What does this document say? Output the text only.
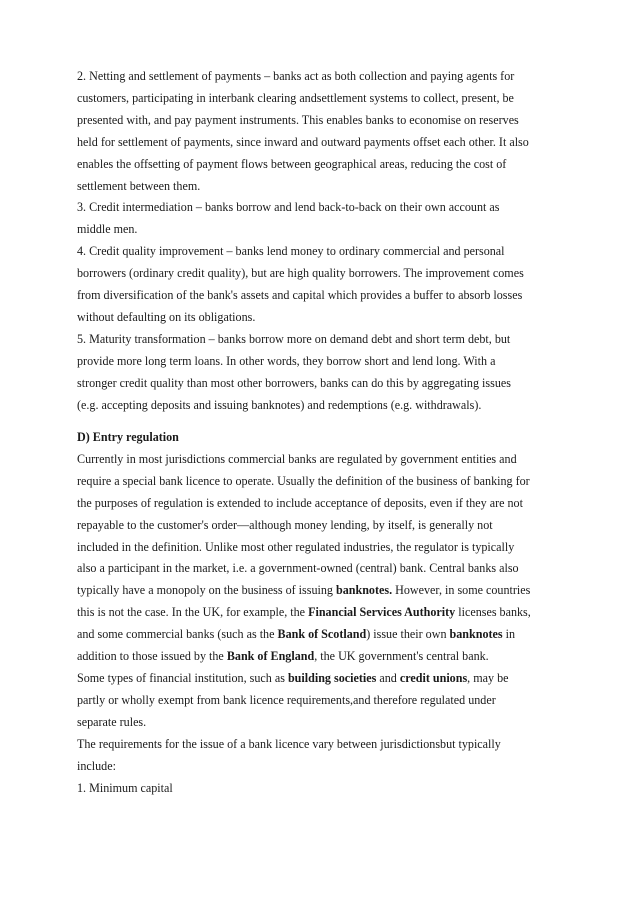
2. Netting and settlement of payments – banks act as both collection and paying agents for
customers, participating in interbank clearing andsettlement systems to collect, present, be
presented with, and pay payment instruments. This enables banks to economise on reserves
held for settlement of payments, since inward and outward payments offset each other. It also
enables the offsetting of payment flows between geographical areas, reducing the cost of
settlement between them.
3. Credit intermediation – banks borrow and lend back-to-back on their own account as
middle men.
4. Credit quality improvement – banks lend money to ordinary commercial and personal
borrowers (ordinary credit quality), but are high quality borrowers. The improvement comes
from diversification of the bank's assets and capital which provides a buffer to absorb losses
without defaulting on its obligations.
5. Maturity transformation – banks borrow more on demand debt and short term debt, but
provide more long term loans. In other words, they borrow short and lend long. With a
stronger credit quality than most other borrowers, banks can do this by aggregating issues
(e.g. accepting deposits and issuing banknotes) and redemptions (e.g. withdrawals).
D) Entry regulation
Currently in most jurisdictions commercial banks are regulated by government entities and
require a special bank licence to operate. Usually the definition of the business of banking for
the purposes of regulation is extended to include acceptance of deposits, even if they are not
repayable to the customer's order—although money lending, by itself, is generally not
included in the definition. Unlike most other regulated industries, the regulator is typically
also a participant in the market, i.e. a government-owned (central) bank. Central banks also
typically have a monopoly on the business of issuing banknotes. However, in some countries
this is not the case. In the UK, for example, the Financial Services Authority licenses banks,
and some commercial banks (such as the Bank of Scotland) issue their own banknotes in
addition to those issued by the Bank of England, the UK government's central bank.
Some types of financial institution, such as building societies and credit unions, may be
partly or wholly exempt from bank licence requirements,and therefore regulated under
separate rules.
The requirements for the issue of a bank licence vary between jurisdictionsbut typically
include:
1. Minimum capital
